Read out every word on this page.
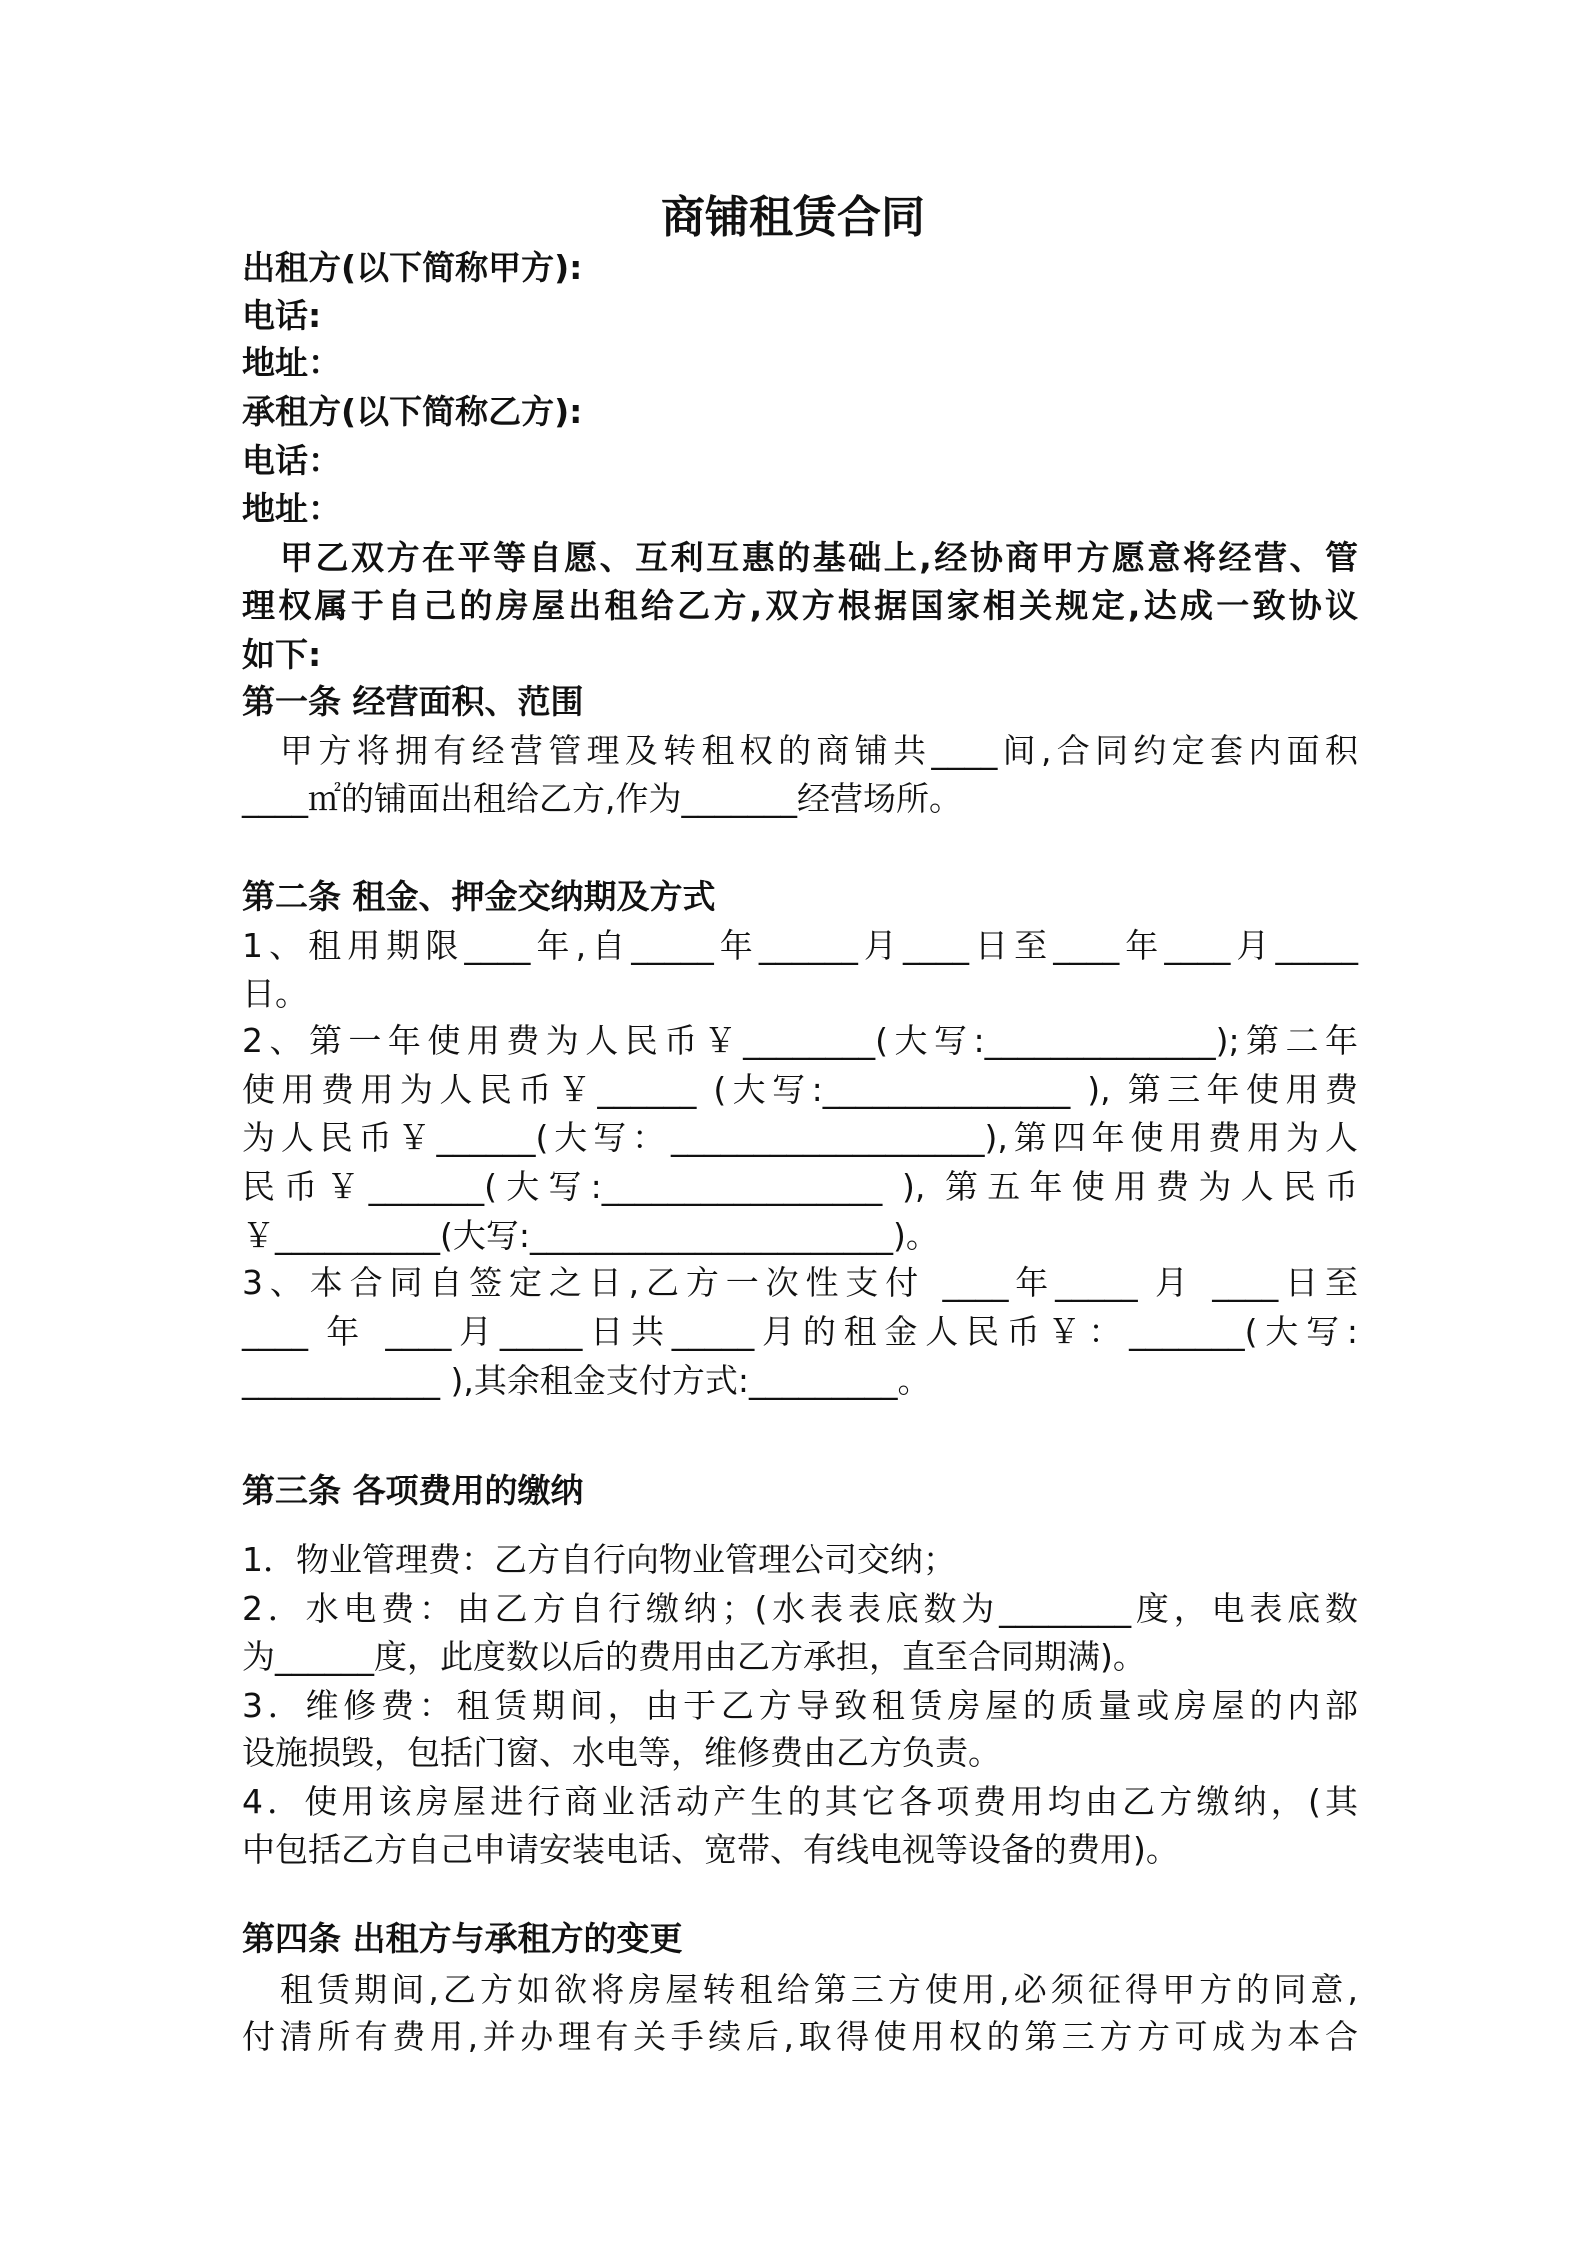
商铺租赁合同
出租方(以下简称甲方):
电话:
地址：
承租方(以下简称乙方):
电话：
地址：
甲乙双方在平等自愿、互利互惠的基础上,经协商甲方愿意将经营、管
理权属于自己的房屋出租给乙方,双方根据国家相关规定,达成一致协议
如下:
第一条 经营面积、范围
甲方将拥有经营管理及转租权的商铺共____间,合同约定套内面积
____㎡的铺面出租给乙方,作为_______经营场所。
第二条 租金、押金交纳期及方式
1、租用期限____年,自_____年______月____日至____年____月_____
日。
2、第一年使用费为人民币￥________(大写:______________);第二年
使用费用为人民币￥______ (大写:_______________ ), 第三年使用费
为人民币￥______(大写：___________________),第四年使用费用为人
民币￥_______(大写:_________________ ), 第五年使用费为人民币
￥__________(大写:______________________)。
3、本合同自签定之日,乙方一次性支付 ____年_____ 月 ____日至
____ 年 ____月_____日共_____月的租金人民币￥：_______(大写:
____________ ),其余租金支付方式:_________。
第三条 各项费用的缴纳
1．物业管理费：乙方自行向物业管理公司交纳；
2．水电费：由乙方自行缴纳；(水表表底数为________度，电表底数
为______度，此度数以后的费用由乙方承担，直至合同期满)。
3．维修费：租赁期间，由于乙方导致租赁房屋的质量或房屋的内部
设施损毁，包括门窗、水电等，维修费由乙方负责。
4．使用该房屋进行商业活动产生的其它各项费用均由乙方缴纳，(其
中包括乙方自己申请安装电话、宽带、有线电视等设备的费用)。
第四条 出租方与承租方的变更
租赁期间,乙方如欲将房屋转租给第三方使用,必须征得甲方的同意,
付清所有费用,并办理有关手续后,取得使用权的第三方方可成为本合
